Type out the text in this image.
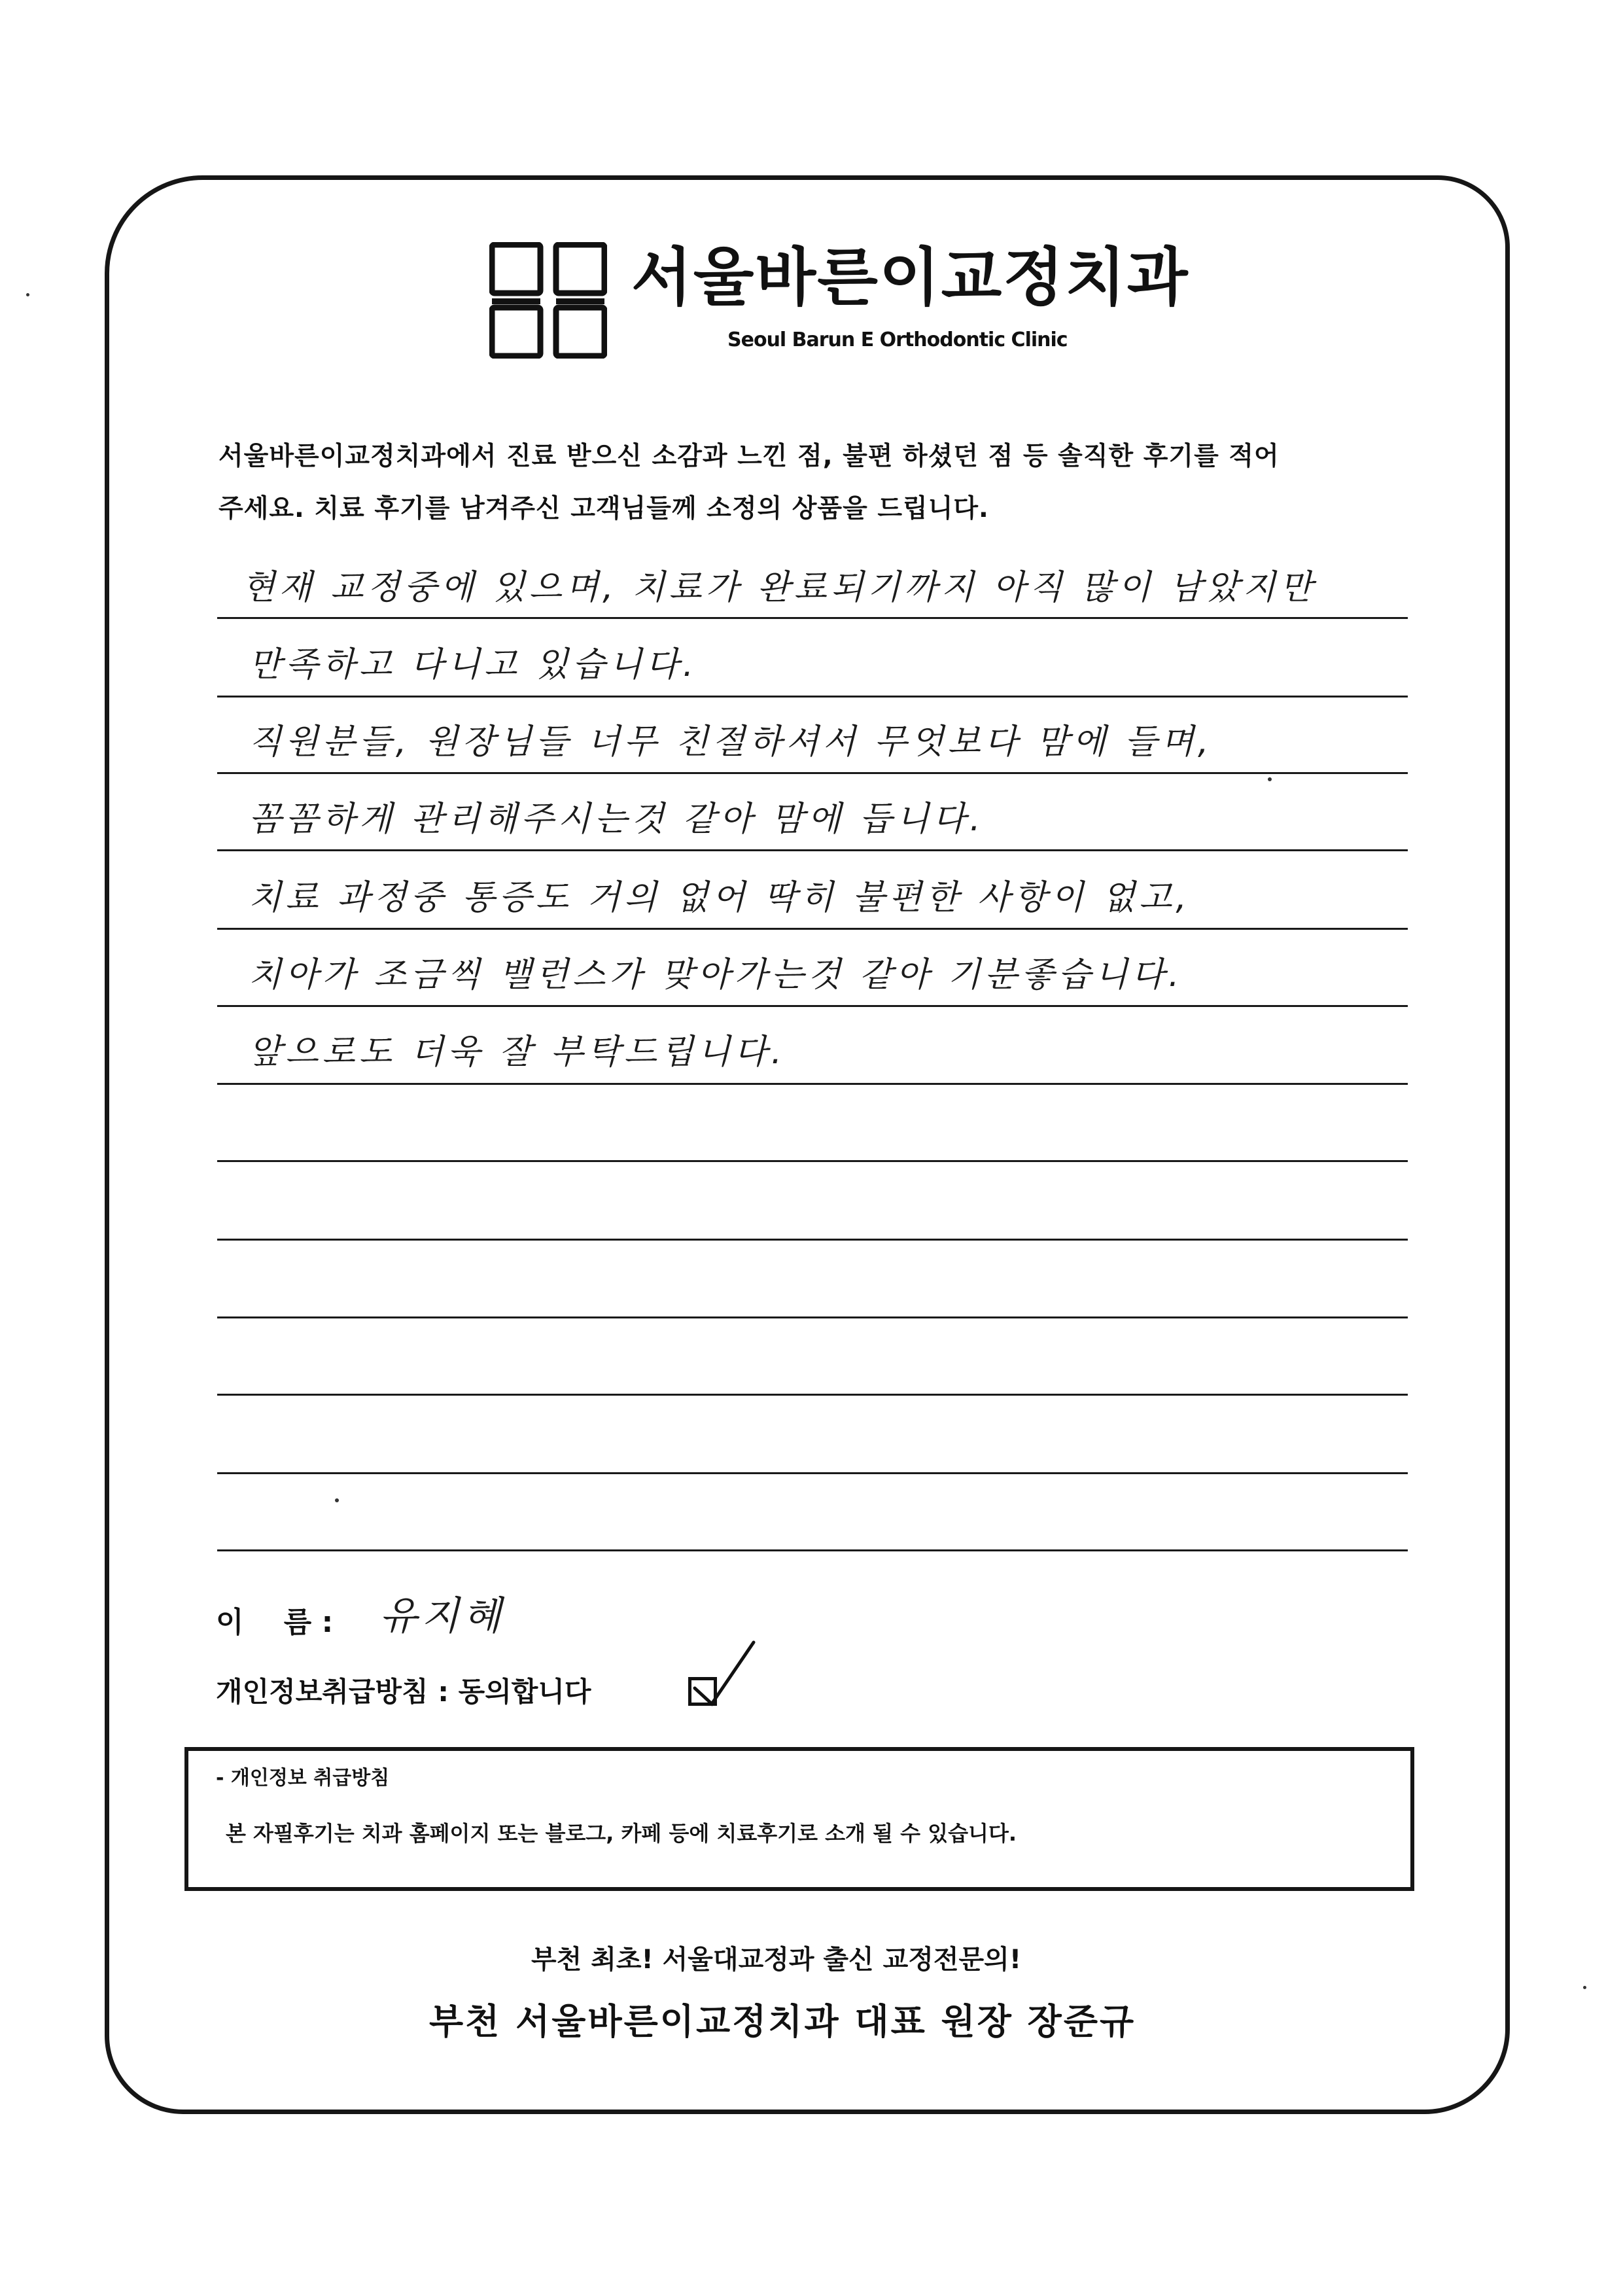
서울바른이교정치과
Seoul Barun E Orthodontic Clinic
서울바른이교정치과에서 진료 받으신 소감과 느낀 점, 불편 하셨던 점 등 솔직한 후기를 적어
주세요. 치료 후기를 남겨주신 고객님들께 소정의 상품을 드립니다.
현재 교정중에 있으며, 치료가 완료되기까지 아직 많이 남았지만
만족하고 다니고 있습니다.
직원분들, 원장님들 너무 친절하셔서 무엇보다 맘에 들며,
꼼꼼하게 관리해주시는것 같아 맘에 듭니다.
치료 과정중 통증도 거의 없어 딱히 불편한 사항이 없고,
치아가 조금씩 밸런스가 맞아가는것 같아 기분좋습니다.
앞으로도 더욱 잘 부탁드립니다.
이    름 : 유지혜
개인정보취급방침 : 동의합니다
- 개인정보 취급방침
본 자필후기는 치과 홈페이지 또는 블로그, 카페 등에 치료후기로 소개 될 수 있습니다.
부천 최초! 서울대교정과 출신 교정전문의!
부천 서울바른이교정치과 대표 원장 장준규
